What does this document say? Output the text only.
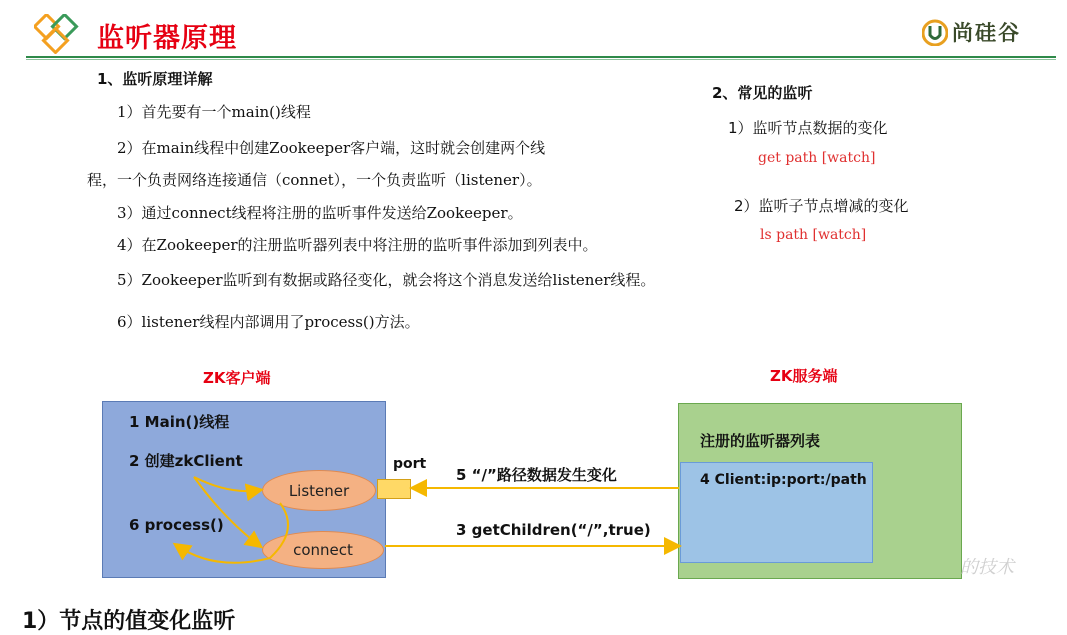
监听器原理	尚硅谷
1、监听原理详解
1）首先要有一个main()线程
2）在main线程中创建Zookeeper客户端，这时就会创建两个线
程，一个负责网络连接通信（connet），一个负责监听（listener）。
3）通过connect线程将注册的监听事件发送给Zookeeper。
4）在Zookeeper的注册监听器列表中将注册的监听事件添加到列表中。
5）Zookeeper监听到有数据或路径变化，就会将这个消息发送给listener线程。
6）listener线程内部调用了process()方法。
2、常见的监听
1）监听节点数据的变化
get path [watch]
2）监听子节点增减的变化
ls path [watch]
ZK客户端	ZK服务端
1 Main()线程
2 创建zkClient
6 process()
Listener
connect
port
5 “/”路径数据发生变化
3 getChildren(“/”,true)
注册的监听器列表
4 Client:ip:port:/path
的技术
1）节点的值变化监听
